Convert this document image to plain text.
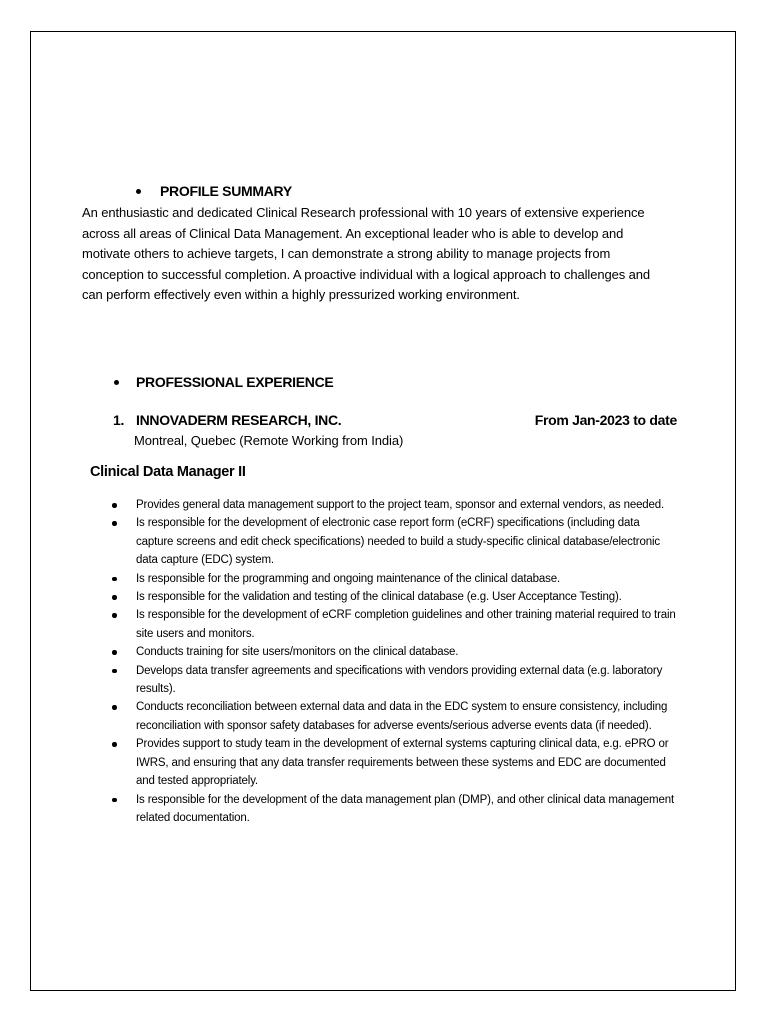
PROFILE SUMMARY
An enthusiastic and dedicated Clinical Research professional with 10 years of extensive experience across all areas of Clinical Data Management. An exceptional leader who is able to develop and motivate others to achieve targets, I can demonstrate a strong ability to manage projects from conception to successful completion. A proactive individual with a logical approach to challenges and can perform effectively even within a highly pressurized working environment.
PROFESSIONAL EXPERIENCE
1. INNOVADERM RESEARCH, INC.	From Jan-2023 to date
Montreal, Quebec (Remote Working from India)
Clinical Data Manager II
Provides general data management support to the project team, sponsor and external vendors, as needed.
Is responsible for the development of electronic case report form (eCRF) specifications (including data capture screens and edit check specifications) needed to build a study-specific clinical database/electronic data capture (EDC) system.
Is responsible for the programming and ongoing maintenance of the clinical database.
Is responsible for the validation and testing of the clinical database (e.g. User Acceptance Testing).
Is responsible for the development of eCRF completion guidelines and other training material required to train site users and monitors.
Conducts training for site users/monitors on the clinical database.
Develops data transfer agreements and specifications with vendors providing external data (e.g. laboratory results).
Conducts reconciliation between external data and data in the EDC system to ensure consistency, including reconciliation with sponsor safety databases for adverse events/serious adverse events data (if needed).
Provides support to study team in the development of external systems capturing clinical data, e.g. ePRO or IWRS, and ensuring that any data transfer requirements between these systems and EDC are documented and tested appropriately.
Is responsible for the development of the data management plan (DMP), and other clinical data management related documentation.
